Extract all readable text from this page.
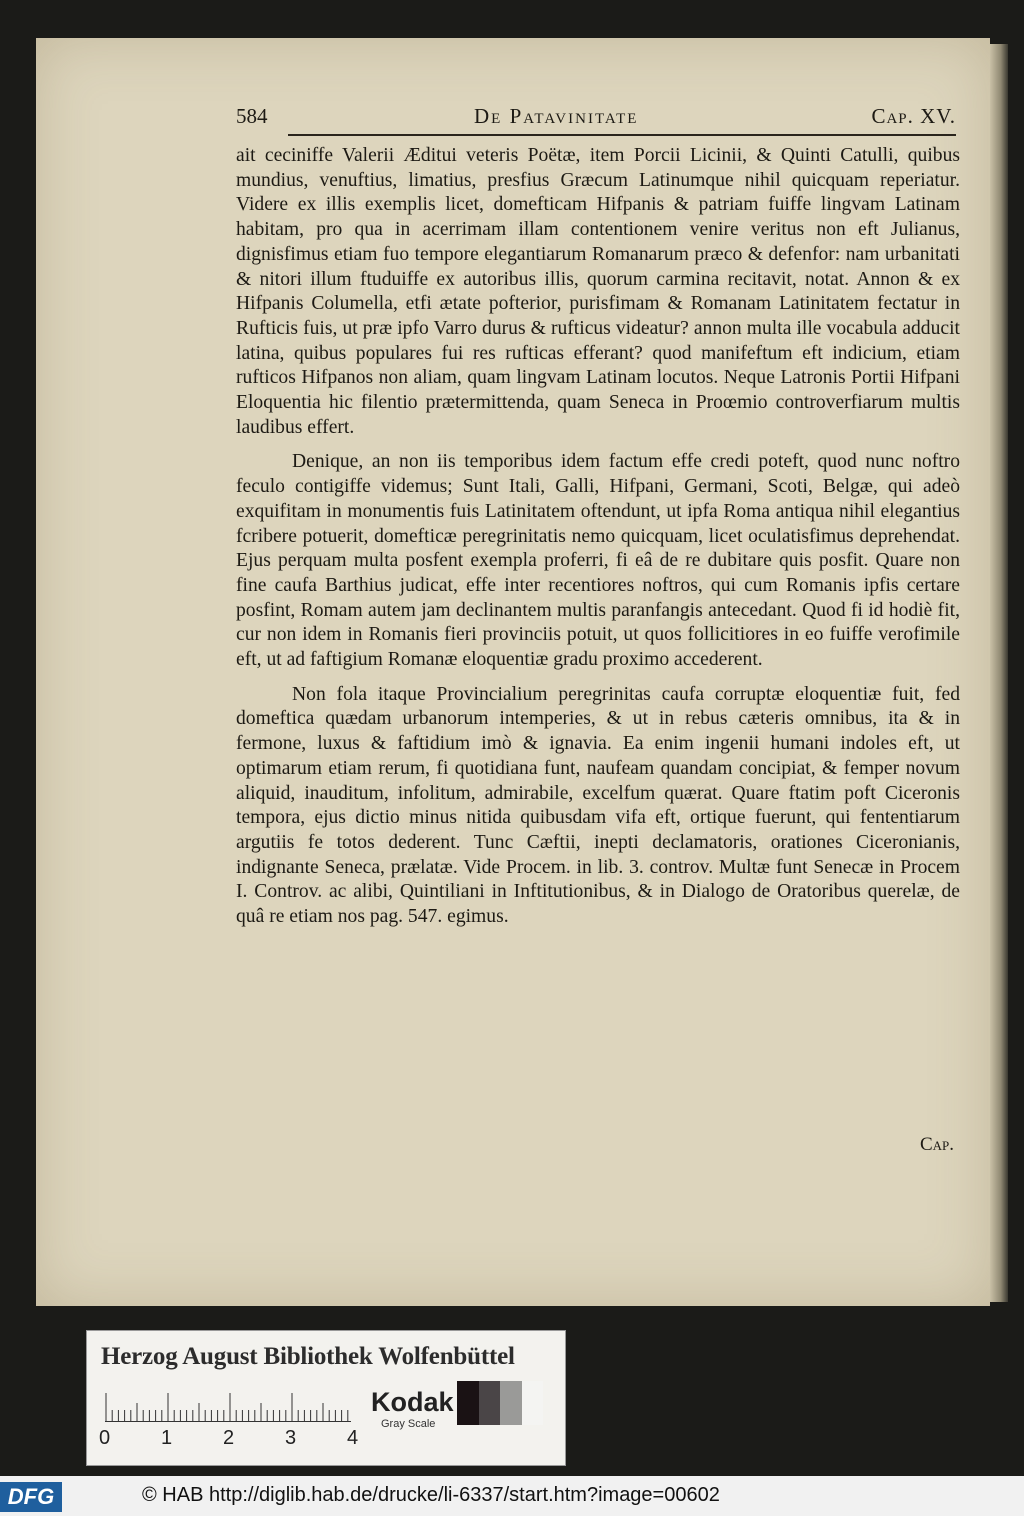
584	De Patavinitate	Cap. XV.

ait ceciniffe Valerii Æditui veteris Poëtæ, item Porcii Licinii, & Quinti Catulli, quibus mundius, venuftius, limatius, presfius Græcum Latinumque nihil quicquam reperiatur. Videre ex illis exemplis licet, domefticam Hifpanis & patriam fuiffe lingvam Latinam habitam, pro qua in acerrimam illam contentionem venire veritus non eft Julianus, dignisfimus etiam fuo tempore elegantiarum Romanarum præco & defenfor: nam urbanitati & nitori illum ftuduiffe ex autoribus illis, quorum carmina recitavit, notat. Annon & ex Hifpanis Columella, etfi ætate pofterior, purisfimam & Romanam Latinitatem fectatur in Rufticis fuis, ut præ ipfo Varro durus & rufticus videatur? annon multa ille vocabula adducit latina, quibus populares fui res rufticas efferant? quod manifeftum eft indicium, etiam rufticos Hifpanos non aliam, quam lingvam Latinam locutos. Neque Latronis Portii Hifpani Eloquentia hic filentio prætermittenda, quam Seneca in Proœmio controverfiarum multis laudibus effert.

Denique, an non iis temporibus idem factum effe credi poteft, quod nunc noftro feculo contigiffe videmus; Sunt Itali, Galli, Hifpani, Germani, Scoti, Belgæ, qui adeò exquifitam in monumentis fuis Latinitatem oftendunt, ut ipfa Roma antiqua nihil elegantius fcribere potuerit, domefticæ peregrinitatis nemo quicquam, licet oculatisfimus deprehendat. Ejus perquam multa posfent exempla proferri, fi eâ de re dubitare quis posfit. Quare non fine caufa Barthius judicat, effe inter recentiores noftros, qui cum Romanis ipfis certare posfint, Romam autem jam declinantem multis paranfangis antecedant. Quod fi id hodiè fit, cur non idem in Romanis fieri provinciis potuit, ut quos follicitiores in eo fuiffe verofimile eft, ut ad faftigium Romanæ eloquentiæ gradu proximo accederent.

Non fola itaque Provincialium peregrinitas caufa corruptæ eloquentiæ fuit, fed domeftica quædam urbanorum intemperies, & ut in rebus cæteris omnibus, ita & in fermone, luxus & faftidium imò & ignavia. Ea enim ingenii humani indoles eft, ut optimarum etiam rerum, fi quotidiana funt, naufeam quandam concipiat, & femper novum aliquid, inauditum, infolitum, admirabile, excelfum quærat. Quare ftatim poft Ciceronis tempora, ejus dictio minus nitida quibusdam vifa eft, ortique fuerunt, qui fententiarum argutiis fe totos dederent. Tunc Cæftii, inepti declamatoris, orationes Ciceronianis, indignante Seneca, prælatæ. Vide Procem. in lib. 3. controv. Multæ funt Senecæ in Procem I. Controv. ac alibi, Quintiliani in Inftitutionibus, & in Dialogo de Oratoribus querelæ, de quâ re etiam nos pag. 547. egimus.

Cap.
Herzog August Bibliothek Wolfenbüttel
0	1	2	3	4
Kodak
Gray Scale
DFG	© HAB http://diglib.hab.de/drucke/li-6337/start.htm?image=00602
